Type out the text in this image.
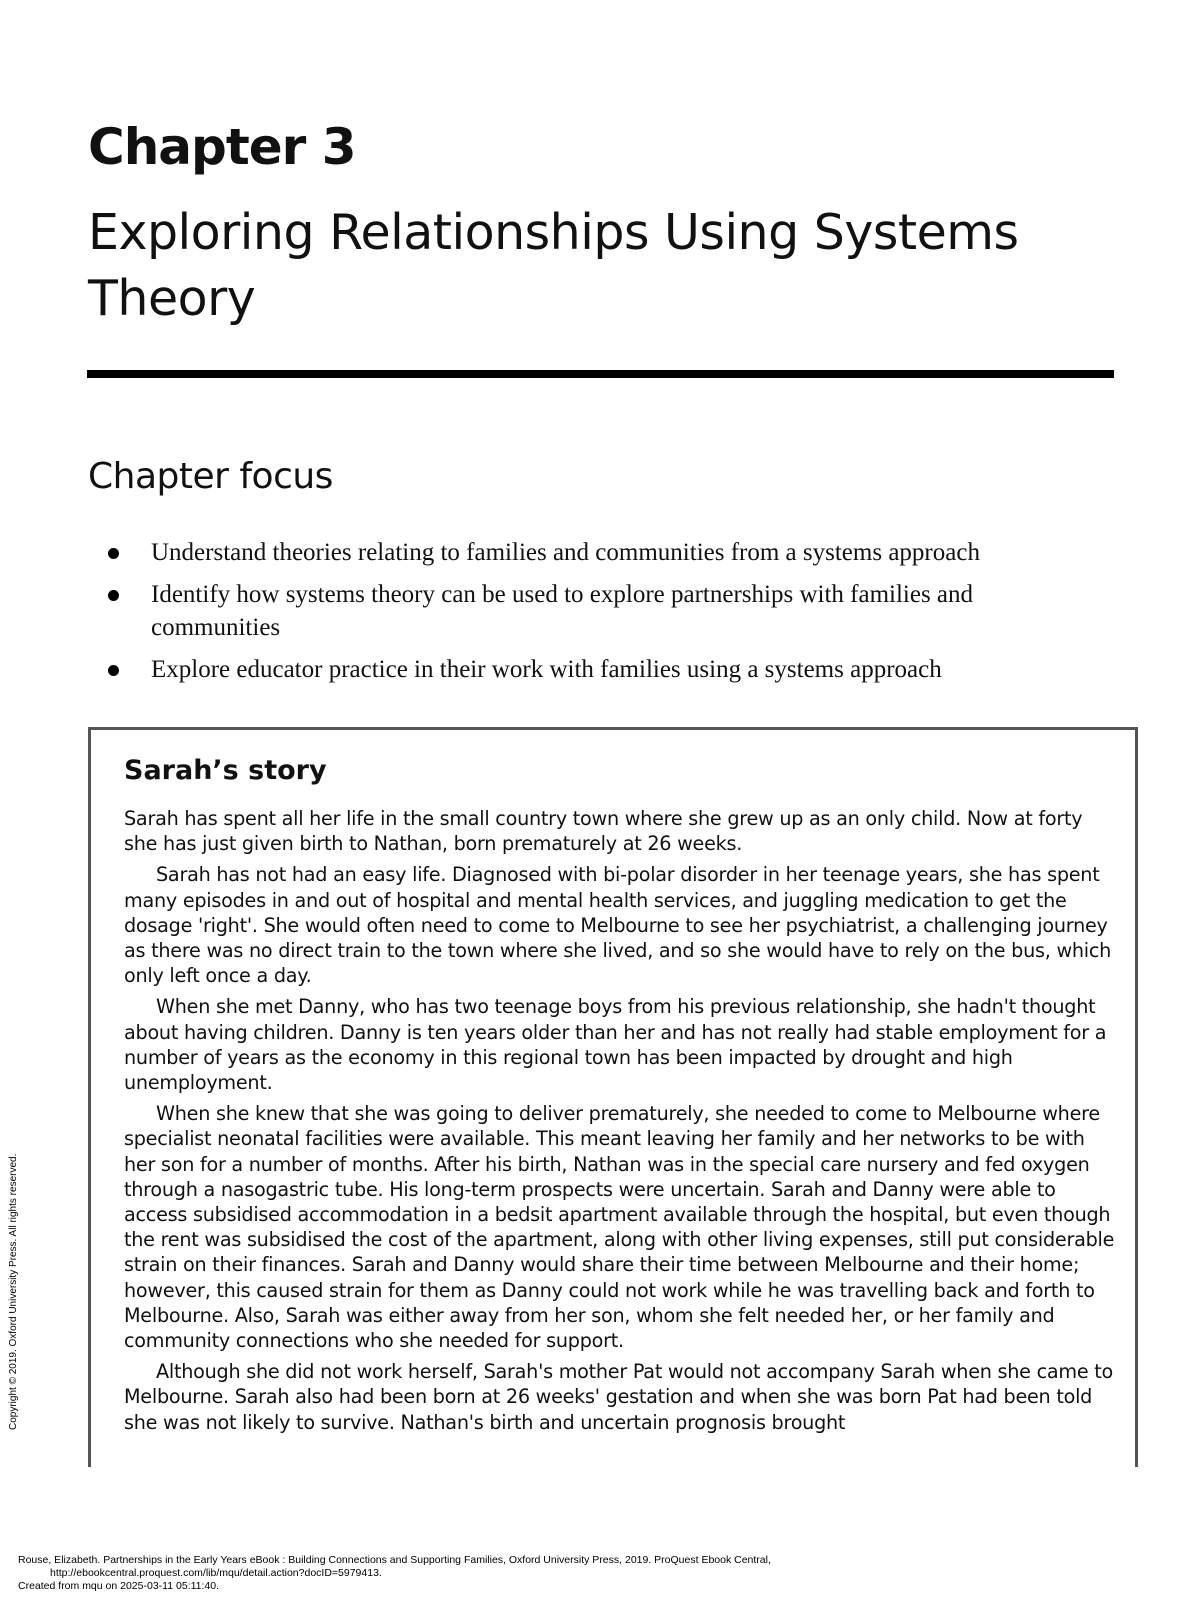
Chapter 3
Exploring Relationships Using Systems Theory
Chapter focus
Understand theories relating to families and communities from a systems approach
Identify how systems theory can be used to explore partnerships with families and communities
Explore educator practice in their work with families using a systems approach
Sarah’s story

Sarah has spent all her life in the small country town where she grew up as an only child. Now at forty she has just given birth to Nathan, born prematurely at 26 weeks.

Sarah has not had an easy life. Diagnosed with bi-polar disorder in her teenage years, she has spent many episodes in and out of hospital and mental health services, and juggling medication to get the dosage 'right'. She would often need to come to Melbourne to see her psychiatrist, a challenging journey as there was no direct train to the town where she lived, and so she would have to rely on the bus, which only left once a day.

When she met Danny, who has two teenage boys from his previous relationship, she hadn't thought about having children. Danny is ten years older than her and has not really had stable employment for a number of years as the economy in this regional town has been impacted by drought and high unemployment.

When she knew that she was going to deliver prematurely, she needed to come to Melbourne where specialist neonatal facilities were available. This meant leaving her family and her networks to be with her son for a number of months. After his birth, Nathan was in the special care nursery and fed oxygen through a nasogastric tube. His long-term prospects were uncertain. Sarah and Danny were able to access subsidised accommodation in a bedsit apartment available through the hospital, but even though the rent was subsidised the cost of the apartment, along with other living expenses, still put considerable strain on their finances. Sarah and Danny would share their time between Melbourne and their home; however, this caused strain for them as Danny could not work while he was travelling back and forth to Melbourne. Also, Sarah was either away from her son, whom she felt needed her, or her family and community connections who she needed for support.

Although she did not work herself, Sarah's mother Pat would not accompany Sarah when she came to Melbourne. Sarah also had been born at 26 weeks' gestation and when she was born Pat had been told she was not likely to survive. Nathan's birth and uncertain prognosis brought

Copyright © 2019. Oxford University Press. All rights reserved.
Rouse, Elizabeth. Partnerships in the Early Years eBook : Building Connections and Supporting Families, Oxford University Press, 2019. ProQuest Ebook Central,
http://ebookcentral.proquest.com/lib/mqu/detail.action?docID=5979413.
Created from mqu on 2025-03-11 05:11:40.
